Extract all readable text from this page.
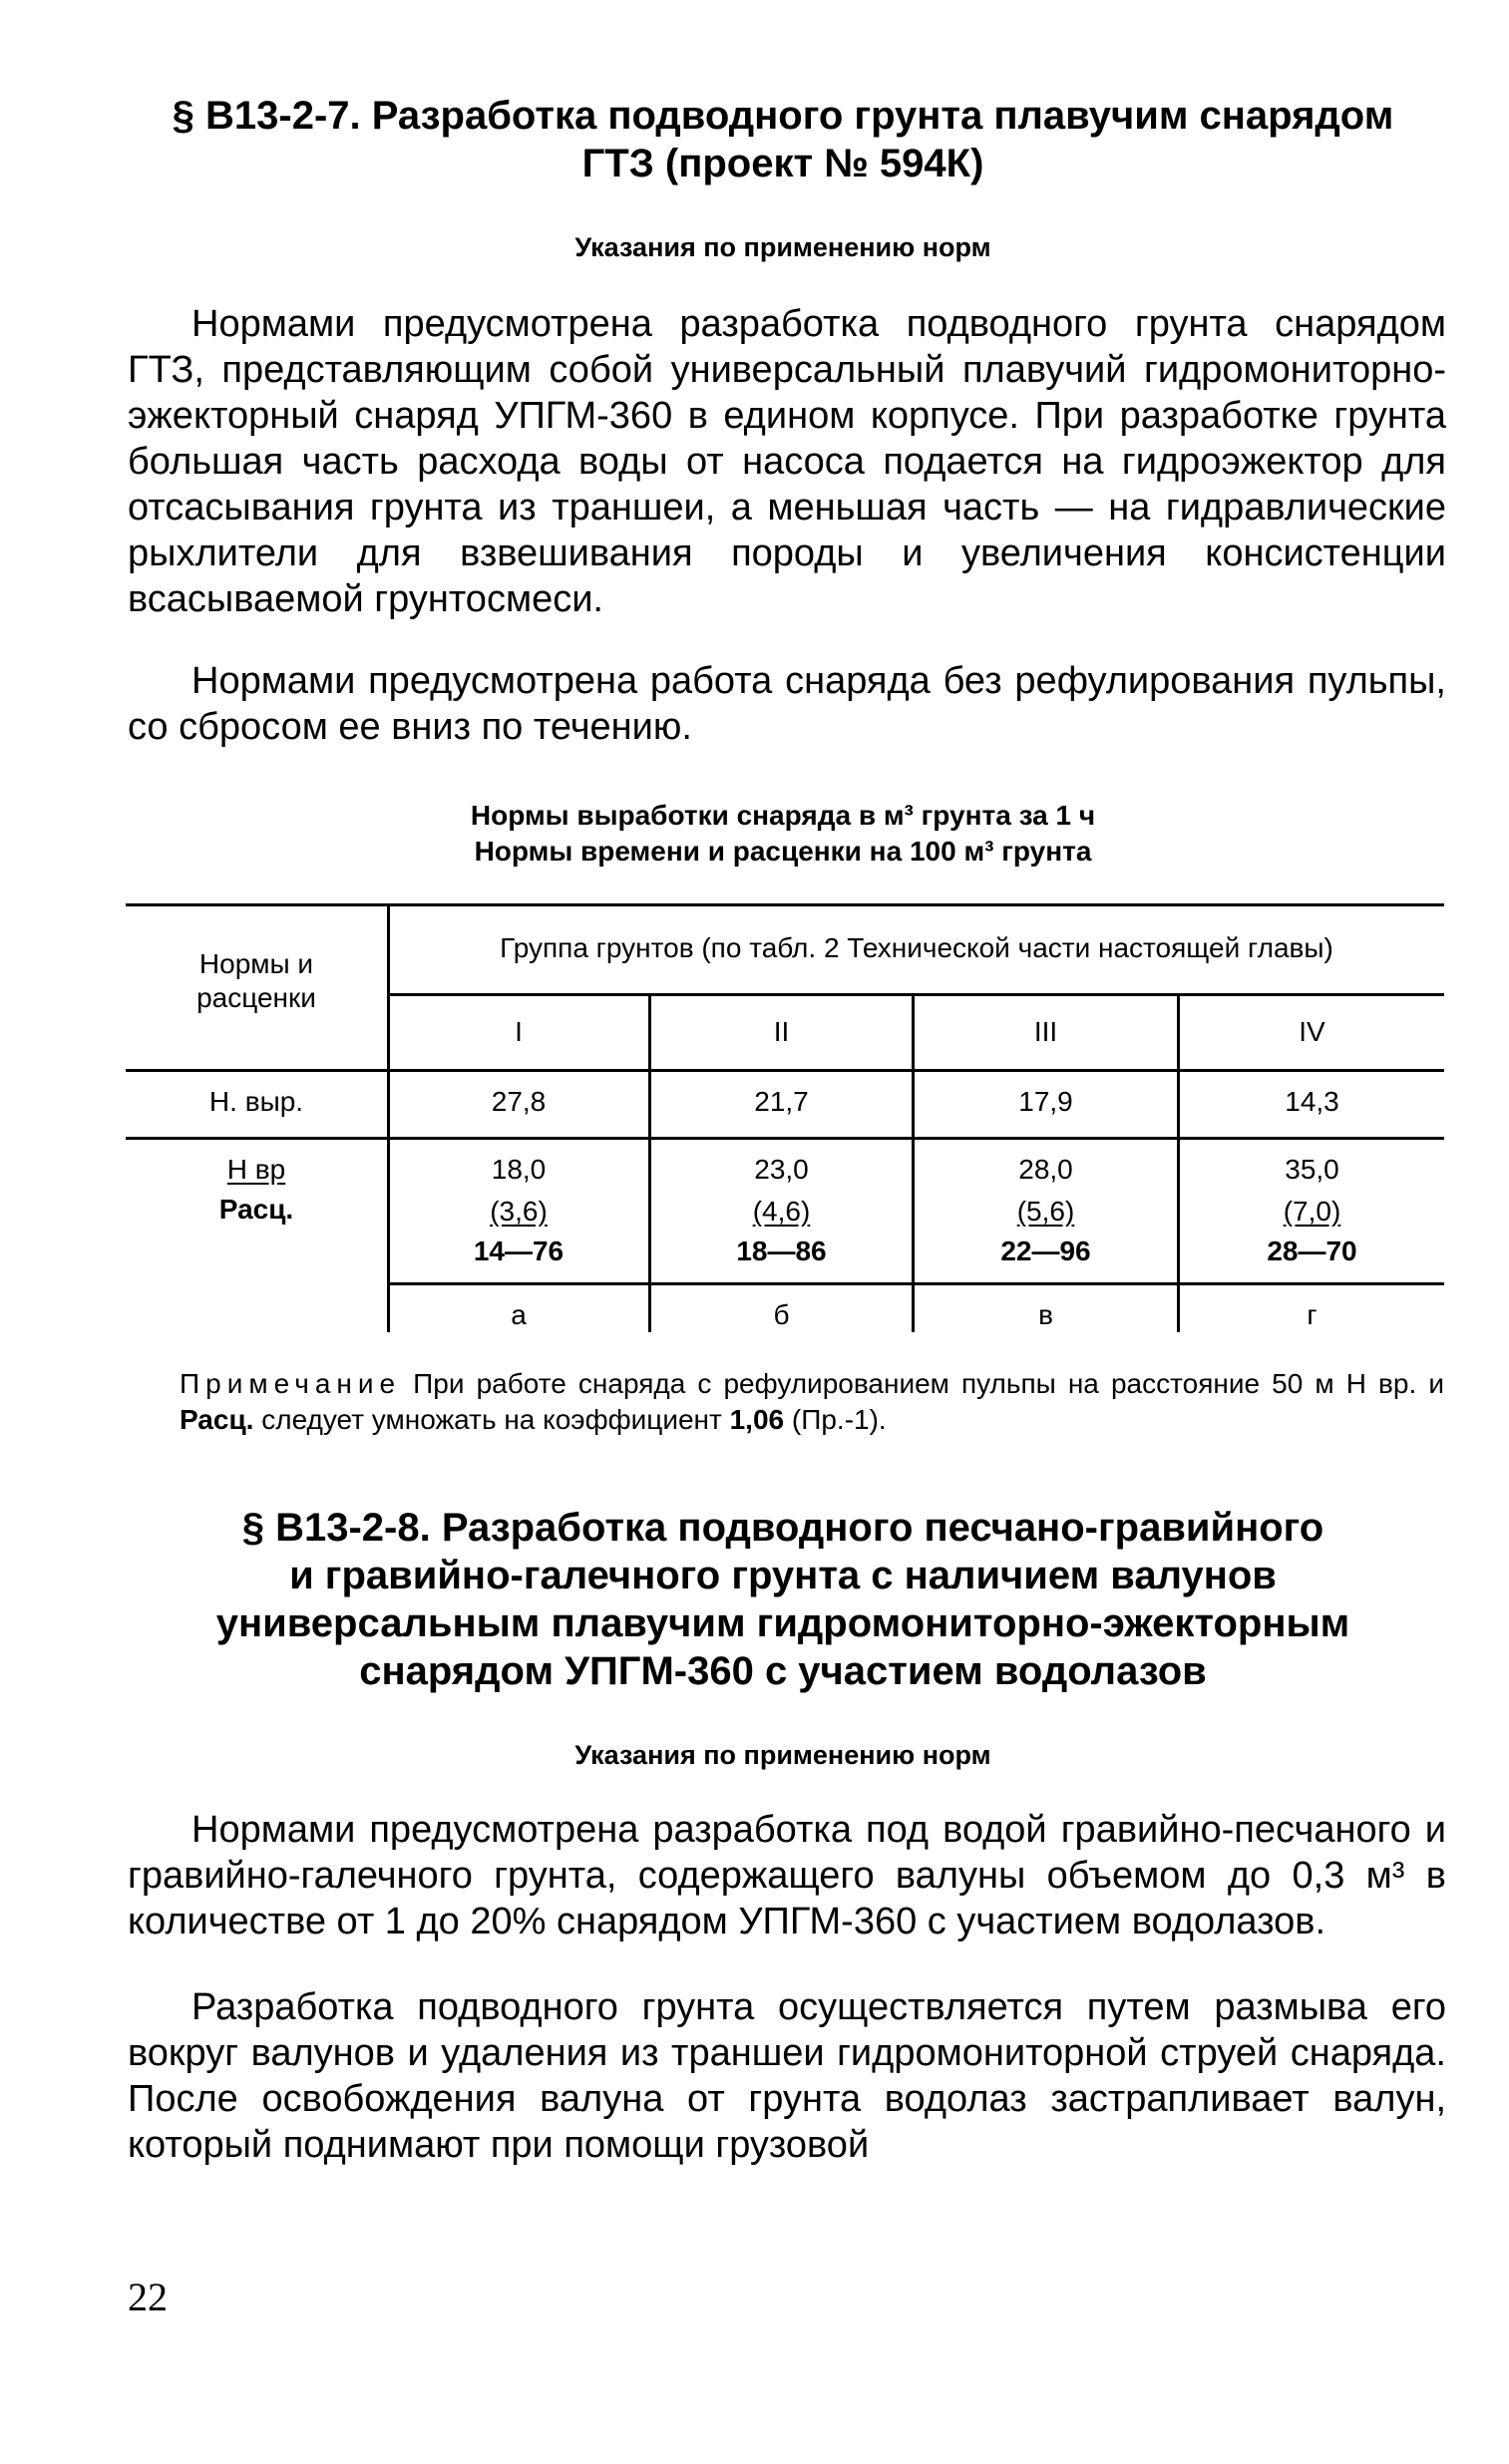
§ В13-2-7. Разработка подводного грунта плавучим снарядом
ГТЗ (проект № 594К)
Указания по применению норм

Нормами предусмотрена разработка подводного грунта снарядом ГТЗ, представляющим собой универсальный плавучий гидромониторно-эжекторный снаряд УПГМ-360 в едином корпусе. При разработке грунта большая часть расхода воды от насоса подается на гидроэжектор для отсасывания грунта из траншеи, а меньшая часть — на гидравлические рыхлители для взвешивания породы и увеличения консистенции всасываемой грунтосмеси.

Нормами предусмотрена работа снаряда без рефулирования пульпы, со сбросом ее вниз по течению.

Нормы выработки снаряда в м³ грунта за 1 ч
Нормы времени и расценки на 100 м³ грунта
Нормы и
расценки
Группа грунтов (по табл. 2 Технической части настоящей главы)
I	II	III	IV
Н. выр.	27,8	21,7	17,9	14,3
Н вр
Расц.
18,0	23,0	28,0	35,0
(3,6)	(4,6)	(5,6)	(7,0)
14—76	18—86	22—96	28—70
а	б	в	г

Примечание При работе снаряда с рефулированием пульпы на расстояние 50 м Н вр. и Расц. следует умножать на коэффициент 1,06 (Пр.-1).

§ В13-2-8. Разработка подводного песчано-гравийного
и гравийно-галечного грунта с наличием валунов
универсальным плавучим гидромониторно-эжекторным
снарядом УПГМ-360 с участием водолазов
Указания по применению норм

Нормами предусмотрена разработка под водой гравийно-песчаного и гравийно-галечного грунта, содержащего валуны объемом до 0,3 м³ в количестве от 1 до 20% снарядом УПГМ-360 с участием водолазов.

Разработка подводного грунта осуществляется путем размыва его вокруг валунов и удаления из траншеи гидромониторной струей снаряда. После освобождения валуна от грунта водолаз застрапливает валун, который поднимают при помощи грузовой

22
